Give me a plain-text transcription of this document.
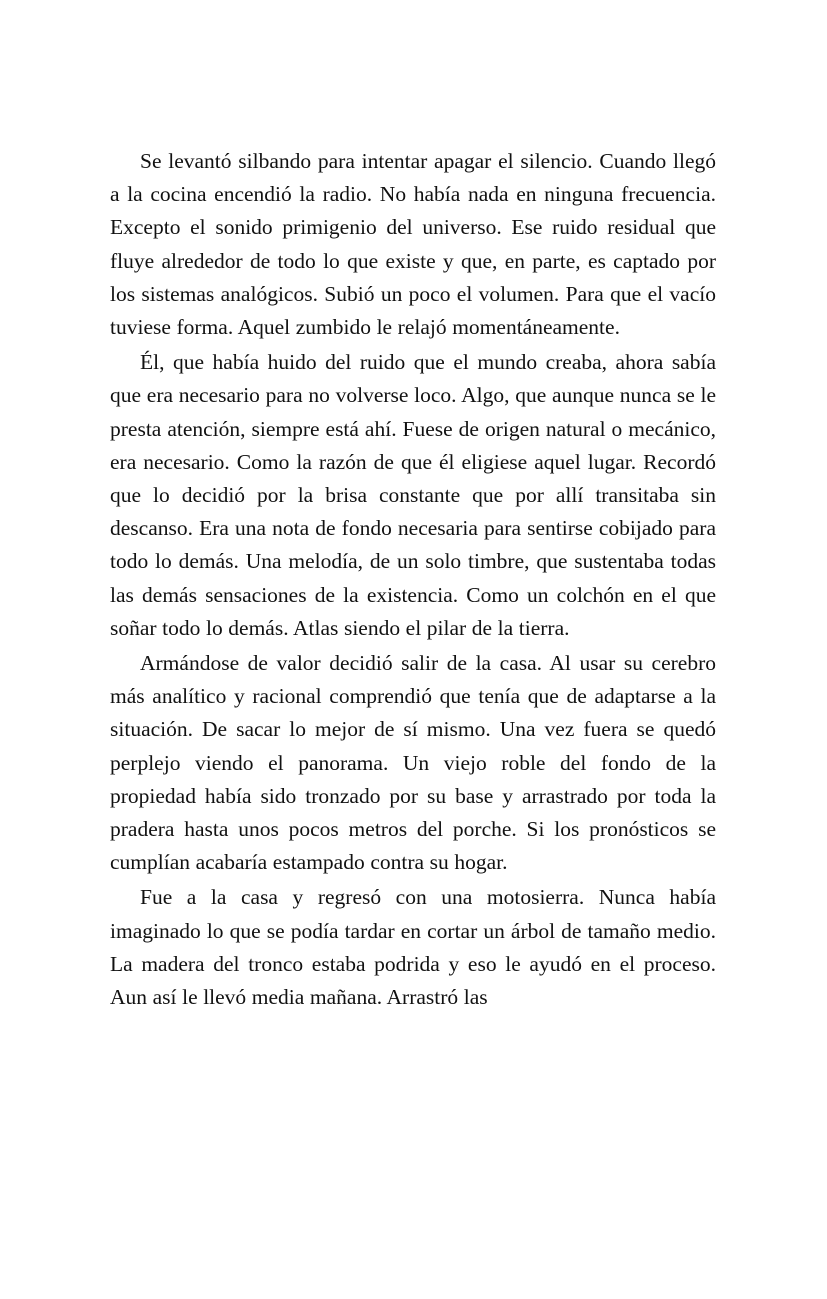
Se levantó silbando para intentar apagar el silencio. Cuando llegó a la cocina encendió la radio. No había nada en ninguna frecuencia. Excepto el sonido primigenio del universo. Ese ruido residual que fluye alrededor de todo lo que existe y que, en parte, es captado por los sistemas analógicos. Subió un poco el volumen. Para que el vacío tuviese forma. Aquel zumbido le relajó momentáneamente.

Él, que había huido del ruido que el mundo creaba, ahora sabía que era necesario para no volverse loco. Algo, que aunque nunca se le presta atención, siempre está ahí. Fuese de origen natural o mecánico, era necesario. Como la razón de que él eligiese aquel lugar. Recordó que lo decidió por la brisa constante que por allí transitaba sin descanso. Era una nota de fondo necesaria para sentirse cobijado para todo lo demás. Una melodía, de un solo timbre, que sustentaba todas las demás sensaciones de la existencia. Como un colchón en el que soñar todo lo demás. Atlas siendo el pilar de la tierra.

Armándose de valor decidió salir de la casa. Al usar su cerebro más analítico y racional comprendió que tenía que de adaptarse a la situación. De sacar lo mejor de sí mismo. Una vez fuera se quedó perplejo viendo el panorama. Un viejo roble del fondo de la propiedad había sido tronzado por su base y arrastrado por toda la pradera hasta unos pocos metros del porche. Si los pronósticos se cumplían acabaría estampado contra su hogar.

Fue a la casa y regresó con una motosierra. Nunca había imaginado lo que se podía tardar en cortar un árbol de tamaño medio. La madera del tronco estaba podrida y eso le ayudó en el proceso. Aun así le llevó media mañana. Arrastró las
